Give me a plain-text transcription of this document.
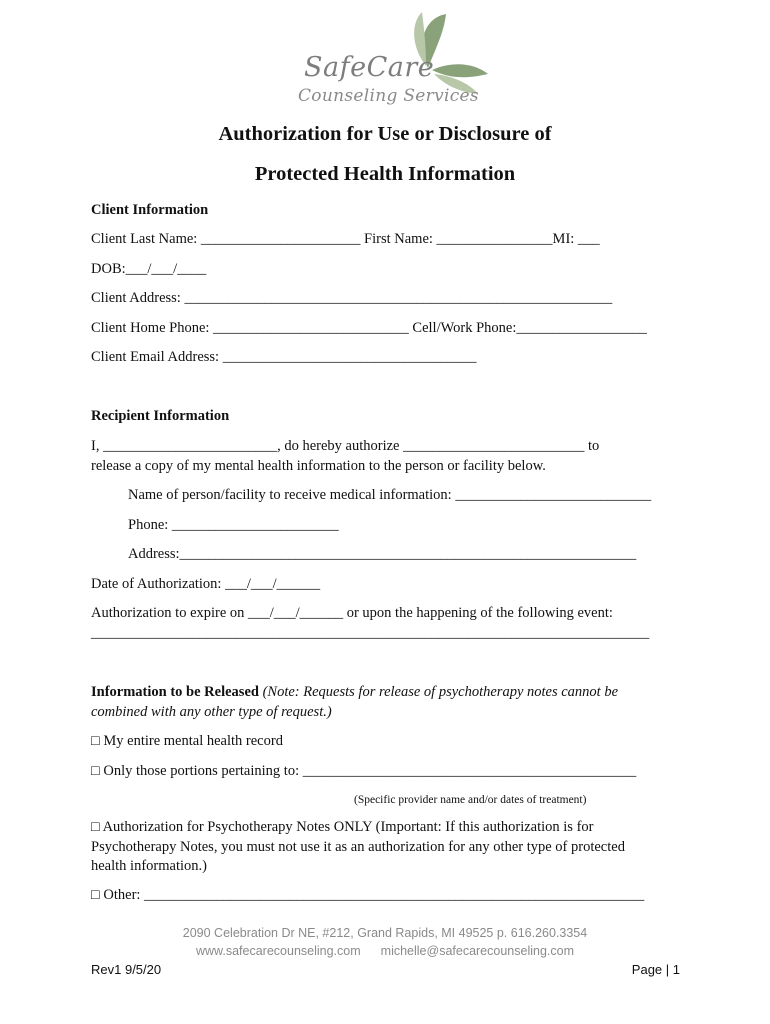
SafeCare
Counseling Services
Authorization for Use or Disclosure of
Protected Health Information
Client Information
Client Last Name: ______________________ First Name: ________________MI: ___
DOB:___/___/____
Client Address: ___________________________________________________________
Client Home Phone: ___________________________ Cell/Work Phone:__________________
Client Email Address: ___________________________________
Recipient Information
I, ________________________, do hereby authorize _________________________ to
release a copy of my mental health information to the person or facility below.
Name of person/facility to receive medical information: ___________________________
Phone: _______________________
Address:_______________________________________________________________
Date of Authorization: ___/___/______
Authorization to expire on ___/___/______ or upon the happening of the following event:
_____________________________________________________________________________
Information to be Released (Note: Requests for release of psychotherapy notes cannot be
combined with any other type of request.)
□ My entire mental health record
□ Only those portions pertaining to: ______________________________________________
(Specific provider name and/or dates of treatment)
□ Authorization for Psychotherapy Notes ONLY (Important: If this authorization is for
Psychotherapy Notes, you must not use it as an authorization for any other type of protected
health information.)
□ Other: _____________________________________________________________________
2090 Celebration Dr NE, #212, Grand Rapids, MI 49525 p. 616.260.3354
www.safecarecounseling.com michelle@safecarecounseling.com
Rev1 9/5/20	Page | 1
